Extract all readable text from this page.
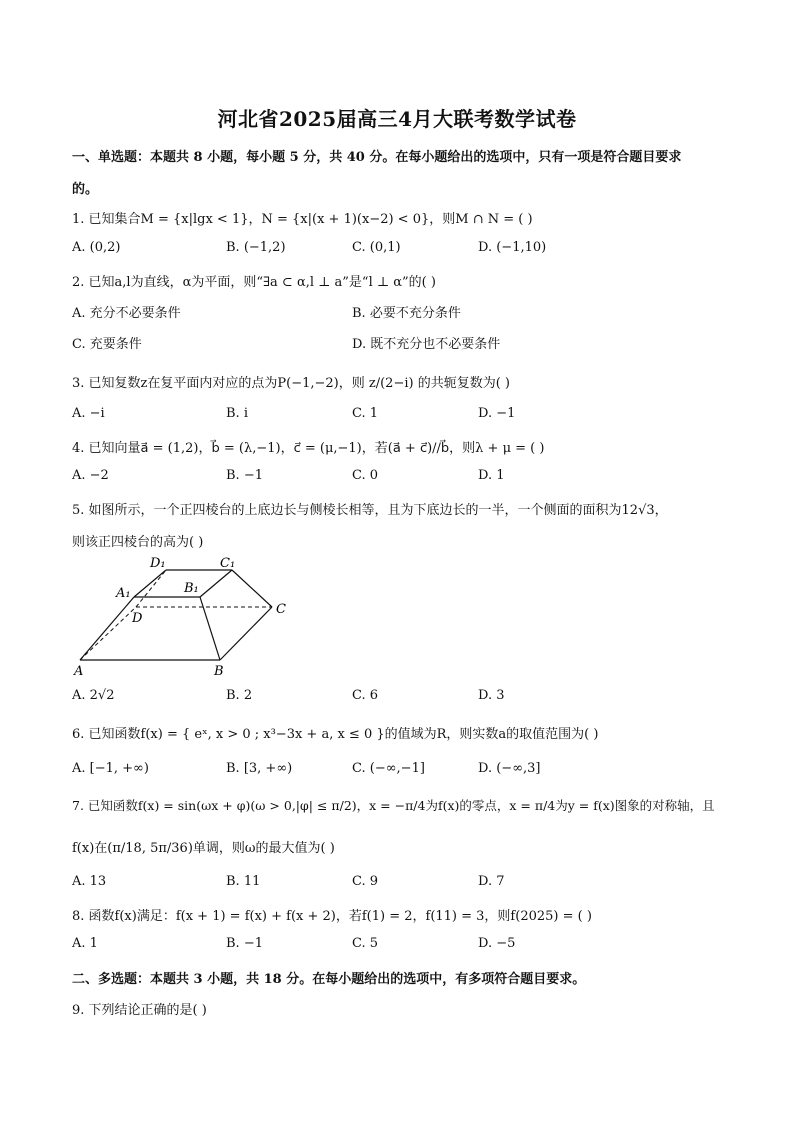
河北省2025届高三4月大联考数学试卷
一、单选题：本题共 8 小题，每小题 5 分，共 40 分。在每小题给出的选项中，只有一项是符合题目要求
的。
1. 已知集合M = {x|lgx < 1}，N = {x|(x + 1)(x−2) < 0}，则M ∩ N = ( )
A. (0,2)	B. (−1,2)	C. (0,1)	D. (−1,10)
2. 已知a,l为直线，α为平面，则“∃a ⊂ α,l ⊥ a”是“l ⊥ α”的( )
A. 充分不必要条件	B. 必要不充分条件
C. 充要条件	D. 既不充分也不必要条件
3. 已知复数z在复平面内对应的点为P(−1,−2)，则 z/(2−i) 的共轭复数为( )
A. −i	B. i	C. 1	D. −1
4. 已知向量a⃗ = (1,2)，b⃗ = (λ,−1)，c⃗ = (μ,−1)，若(a⃗ + c⃗)//b⃗，则λ + μ = ( )
A. −2	B. −1	C. 0	D. 1
5. 如图所示，一个正四棱台的上底边长与侧棱长相等，且为下底边长的一半，一个侧面的面积为12√3，
则该正四棱台的高为( )
D₁	C₁
A₁	B₁
D
C
A	B
A. 2√2	B. 2	C. 6	D. 3
6. 已知函数f(x) = { eˣ, x > 0 ; x³−3x + a, x ≤ 0 }的值域为R，则实数a的取值范围为( )
A. [−1, +∞)	B. [3, +∞)	C. (−∞,−1]	D. (−∞,3]
7. 已知函数f(x) = sin(ωx + φ)(ω > 0,|φ| ≤ π/2)，x = −π/4为f(x)的零点，x = π/4为y = f(x)图象的对称轴，且
f(x)在(π/18, 5π/36)单调，则ω的最大值为( )
A. 13	B. 11	C. 9	D. 7
8. 函数f(x)满足：f(x + 1) = f(x) + f(x + 2)，若f(1) = 2，f(11) = 3，则f(2025) = ( )
A. 1	B. −1	C. 5	D. −5
二、多选题：本题共 3 小题，共 18 分。在每小题给出的选项中，有多项符合题目要求。
9. 下列结论正确的是( )
